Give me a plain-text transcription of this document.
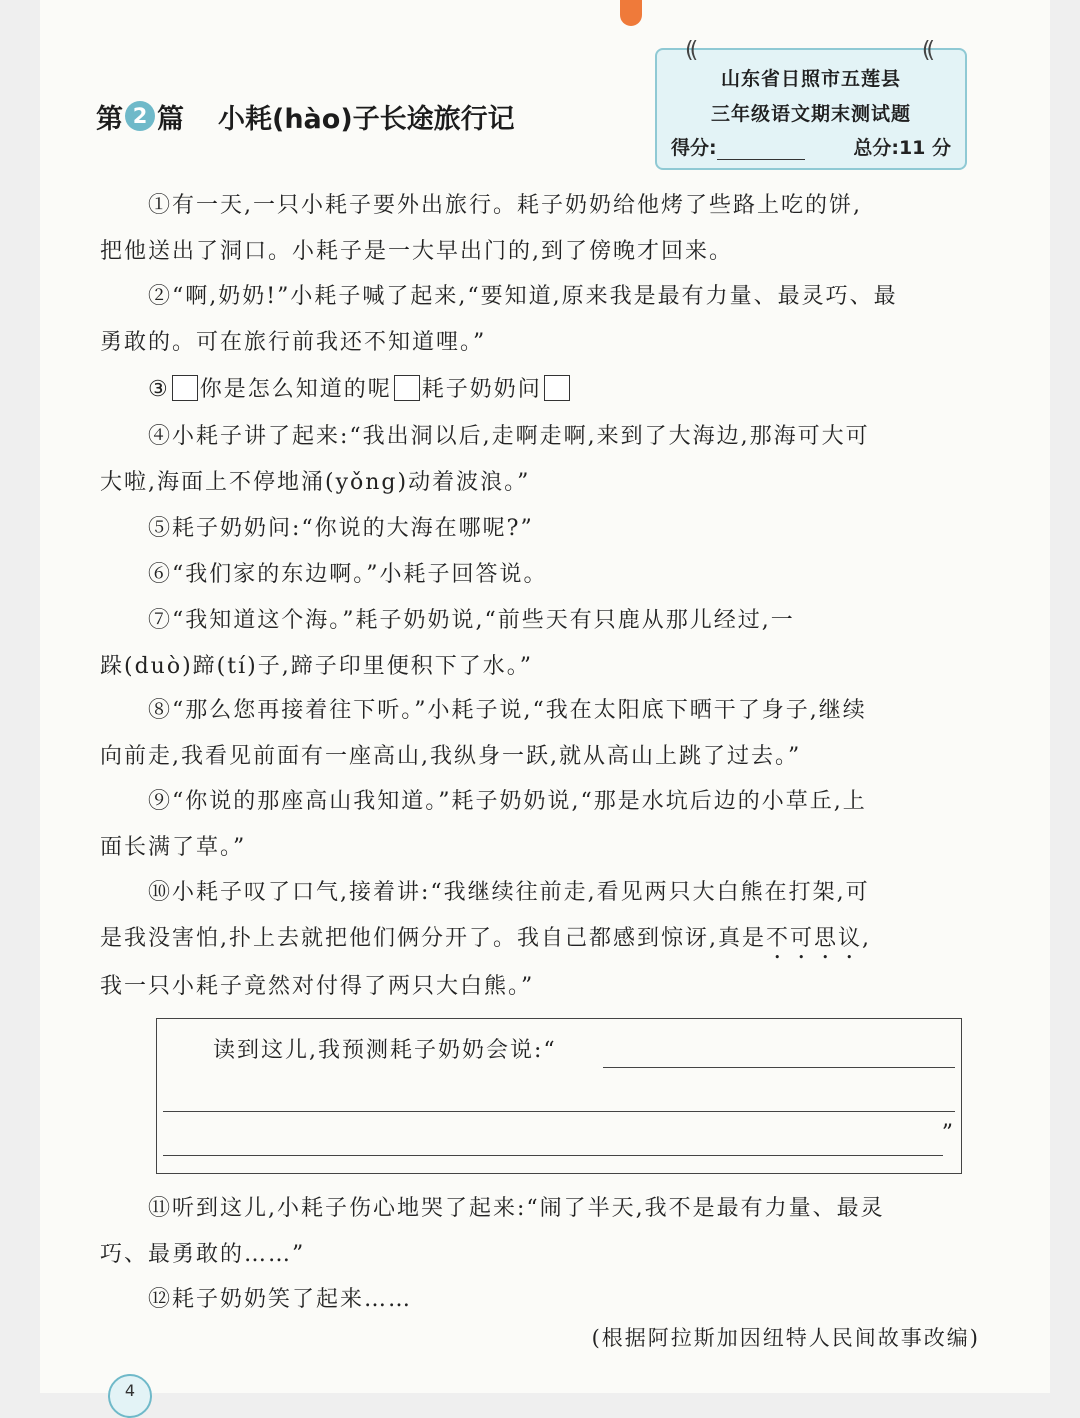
第 2 篇 小耗(hào)子长途旅行记
((	((
山东省日照市五莲县
三年级语文期末测试题
得分:	总分:11 分
①有一天,一只小耗子要外出旅行。耗子奶奶给他烤了些路上吃的饼,
把他送出了洞口。小耗子是一大早出门的,到了傍晚才回来。
②“啊,奶奶!”小耗子喊了起来,“要知道,原来我是最有力量、最灵巧、最
勇敢的。可在旅行前我还不知道哩。”
③ 你是怎么知道的呢 耗子奶奶问
④小耗子讲了起来:“我出洞以后,走啊走啊,来到了大海边,那海可大可
大啦,海面上不停地涌(yǒng)动着波浪。”
⑤耗子奶奶问:“你说的大海在哪呢?”
⑥“我们家的东边啊。”小耗子回答说。
⑦“我知道这个海。”耗子奶奶说,“前些天有只鹿从那儿经过,一
跺(duò)蹄(tí)子,蹄子印里便积下了水。”
⑧“那么您再接着往下听。”小耗子说,“我在太阳底下晒干了身子,继续
向前走,我看见前面有一座高山,我纵身一跃,就从高山上跳了过去。”
⑨“你说的那座高山我知道。”耗子奶奶说,“那是水坑后边的小草丘,上
面长满了草。”
⑩小耗子叹了口气,接着讲:“我继续往前走,看见两只大白熊在打架,可
是我没害怕,扑上去就把他们俩分开了。我自己都感到惊讶,真是不可思议,
我一只小耗子竟然对付得了两只大白熊。”
读到这儿,我预测耗子奶奶会说:“
”
⑪听到这儿,小耗子伤心地哭了起来:“闹了半天,我不是最有力量、最灵
巧、最勇敢的……”
⑫耗子奶奶笑了起来……
(根据阿拉斯加因纽特人民间故事改编)
4
